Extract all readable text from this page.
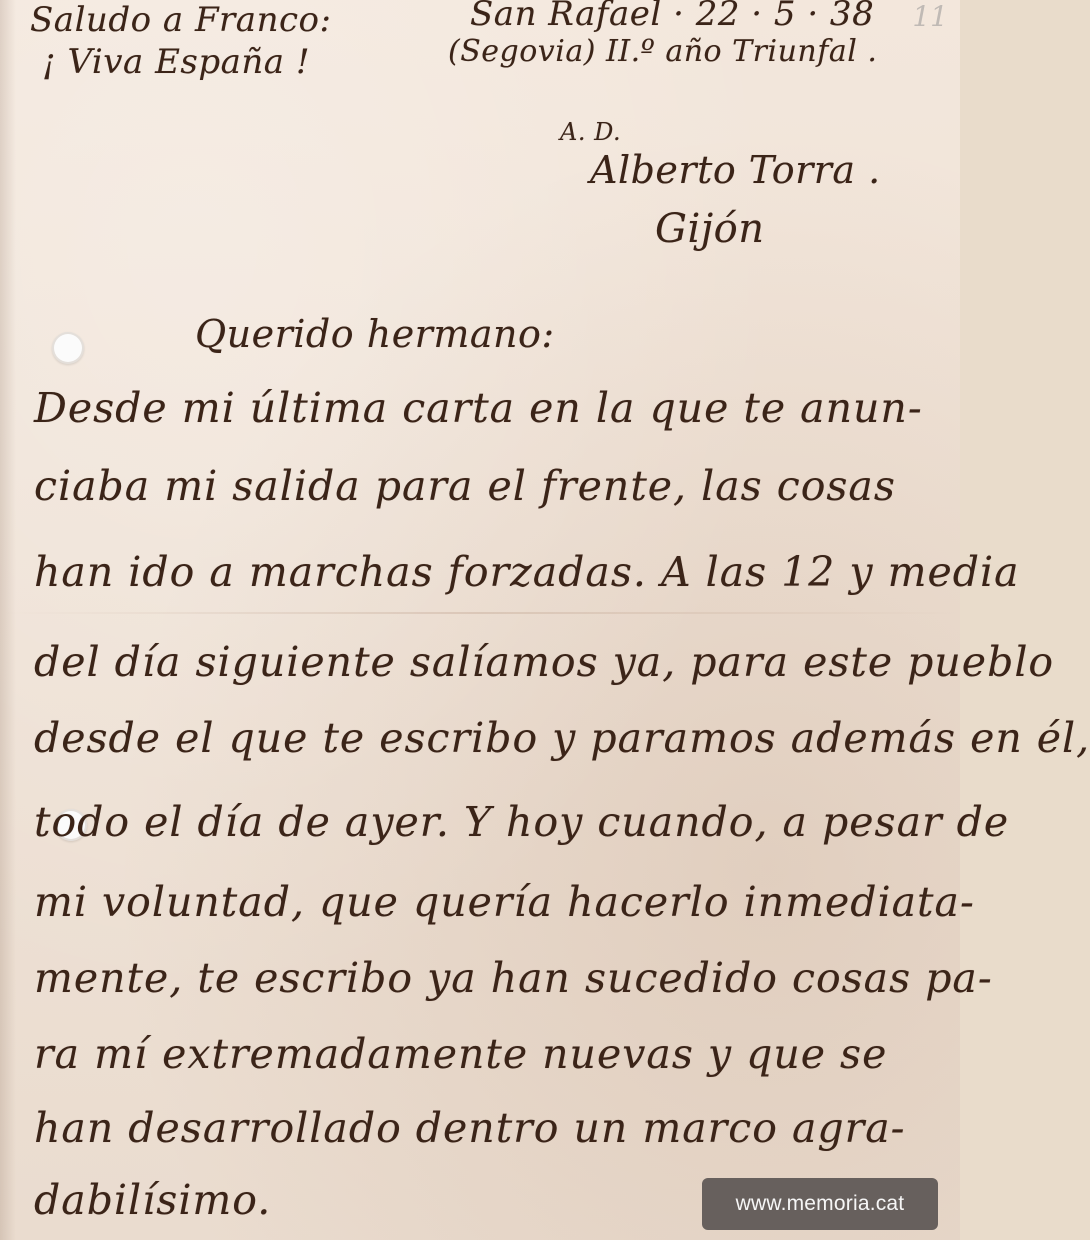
11
Saludo a Franco:
¡ Viva España !
San Rafael · 22 · 5 · 38
(Segovia) II.º año Triunfal .
A. D.
Alberto Torra .
Gijón
Querido hermano:
Desde mi última carta en la que te anun-
ciaba mi salida para el frente, las cosas
han ido a marchas forzadas. A las 12 y media
del día siguiente salíamos ya, para este pueblo
desde el que te escribo y paramos además en él,
todo el día de ayer. Y hoy cuando, a pesar de
mi voluntad, que quería hacerlo inmediata-
mente, te escribo ya han sucedido cosas pa-
ra mí extremadamente nuevas y que se
han desarrollado dentro un marco agra-
dabilísimo.	www.memoria.cat
